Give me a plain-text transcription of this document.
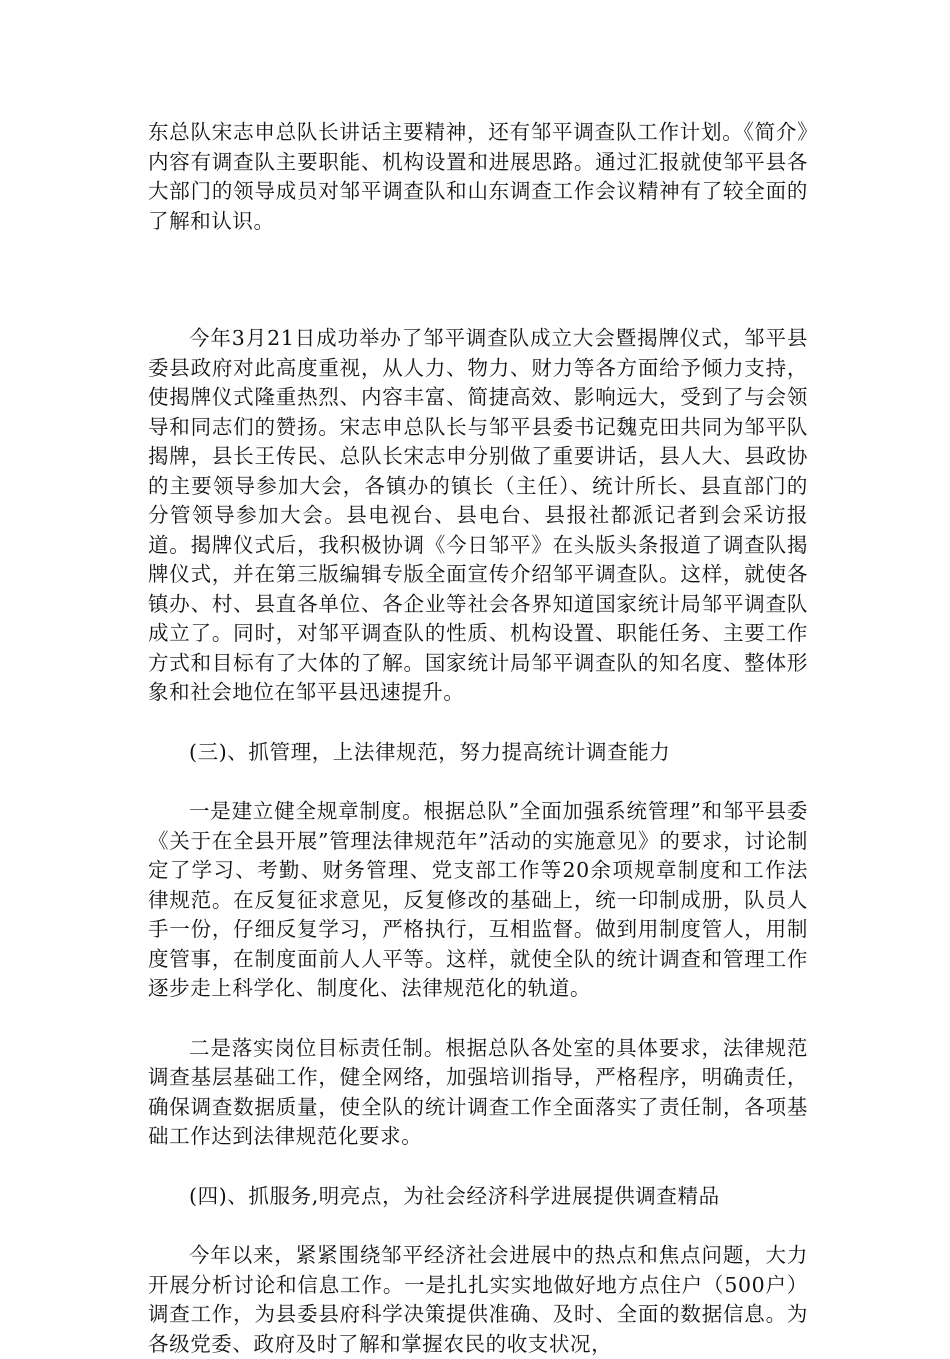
东总队宋志申总队长讲话主要精神，还有邹平调查队工作计划。《简介》内容有调查队主要职能、机构设置和进展思路。通过汇报就使邹平县各大部门的领导成员对邹平调查队和山东调查工作会议精神有了较全面的了解和认识。

今年3月21日成功举办了邹平调查队成立大会暨揭牌仪式，邹平县委县政府对此高度重视，从人力、物力、财力等各方面给予倾力支持，使揭牌仪式隆重热烈、内容丰富、简捷高效、影响远大，受到了与会领导和同志们的赞扬。宋志申总队长与邹平县委书记魏克田共同为邹平队揭牌，县长王传民、总队长宋志申分别做了重要讲话，县人大、县政协的主要领导参加大会，各镇办的镇长（主任）、统计所长、县直部门的分管领导参加大会。县电视台、县电台、县报社都派记者到会采访报道。揭牌仪式后，我积极协调《今日邹平》在头版头条报道了调查队揭牌仪式，并在第三版编辑专版全面宣传介绍邹平调查队。这样，就使各镇办、村、县直各单位、各企业等社会各界知道国家统计局邹平调查队成立了。同时，对邹平调查队的性质、机构设置、职能任务、主要工作方式和目标有了大体的了解。国家统计局邹平调查队的知名度、整体形象和社会地位在邹平县迅速提升。

(三)、抓管理，上法律规范，努力提高统计调查能力

一是建立健全规章制度。根据总队”全面加强系统管理”和邹平县委《关于在全县开展”管理法律规范年”活动的实施意见》的要求，讨论制定了学习、考勤、财务管理、党支部工作等20余项规章制度和工作法律规范。在反复征求意见，反复修改的基础上，统一印制成册，队员人手一份，仔细反复学习，严格执行，互相监督。做到用制度管人，用制度管事，在制度面前人人平等。这样，就使全队的统计调查和管理工作逐步走上科学化、制度化、法律规范化的轨道。

二是落实岗位目标责任制。根据总队各处室的具体要求，法律规范调查基层基础工作，健全网络，加强培训指导，严格程序，明确责任，确保调查数据质量，使全队的统计调查工作全面落实了责任制，各项基础工作达到法律规范化要求。

(四)、抓服务,明亮点，为社会经济科学进展提供调查精品

今年以来，紧紧围绕邹平经济社会进展中的热点和焦点问题，大力开展分析讨论和信息工作。一是扎扎实实地做好地方点住户（500户）调查工作，为县委县府科学决策提供准确、及时、全面的数据信息。为各级党委、政府及时了解和掌握农民的收支状况，
